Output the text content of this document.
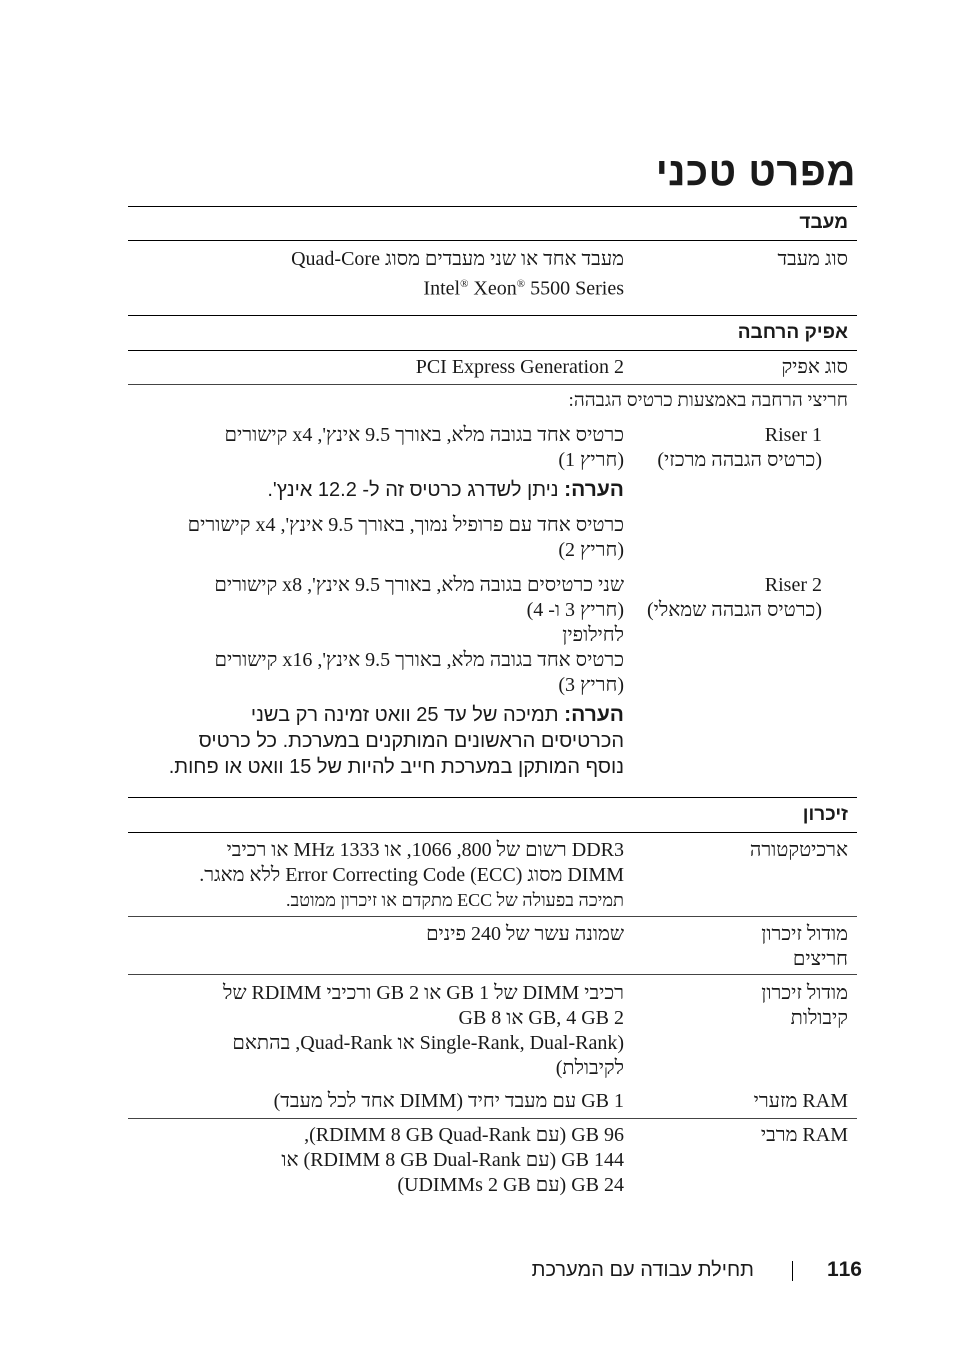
מפרט טכני
מעבד
סוג מעבד
מעבד אחד או שני מעבדים מסוג Quad-Core
Intel® Xeon® 5500 Series
אפיק הרחבה
סוג אפיק
PCI Express Generation 2
חריצי הרחבה באמצעות כרטיס הגבהה:
Riser 1
(כרטיס הגבהה מרכזי)
כרטיס אחד בגובה מלא, באורך 9.5 אינץ', x4 קישורים
(חריץ 1)
הערה: ניתן לשדרג כרטיס זה ל- 12.2 אינץ'.
כרטיס אחד עם פרופיל נמוך, באורך 9.5 אינץ', x4 קישורים
(חריץ 2)
Riser 2
(כרטיס הגבהה שמאלי)
שני כרטיסים בגובה מלא, באורך 9.5 אינץ', x8 קישורים
(חריץ 3 ו- 4)
לחילופין
כרטיס אחד בגובה מלא, באורך 9.5 אינץ', x16 קישורים
(חריץ 3)
הערה: תמיכה של עד 25 וואט זמינה רק בשני
הכרטיסים הראשונים המותקנים במערכת. כל כרטיס
נוסף המותקן במערכת חייב להיות של 15 וואט או פחות.
זיכרון
ארכיטקטורה
DDR3 רשום של 800, 1066, או 1333 MHz או רכיבי
DIMM מסוג Error Correcting Code (ECC) ללא מאגר.
תמיכה בפעולה של ECC מתקדם או זיכרון ממוטב.
מודול זיכרון
חריצים
שמונה עשר של 240 פינים
מודול זיכרון
קיבולות
רכיבי DIMM של 1 GB או 2 GB ורכיבי RDIMM של
2 GB, 4 GB או 8 GB
(Single-Rank, Dual-Rank או Quad-Rank, בהתאם
לקיבולת)
RAM מזערי
1 GB עם מעבד יחיד (DIMM אחד לכל מעבד)
RAM מרבי
96 GB (עם RDIMM 8 GB Quad-Rank),
144 GB (עם RDIMM 8 GB Dual-Rank) או
24 GB (עם UDIMMs 2 GB)
116תחילת עבודה עם המערכת
